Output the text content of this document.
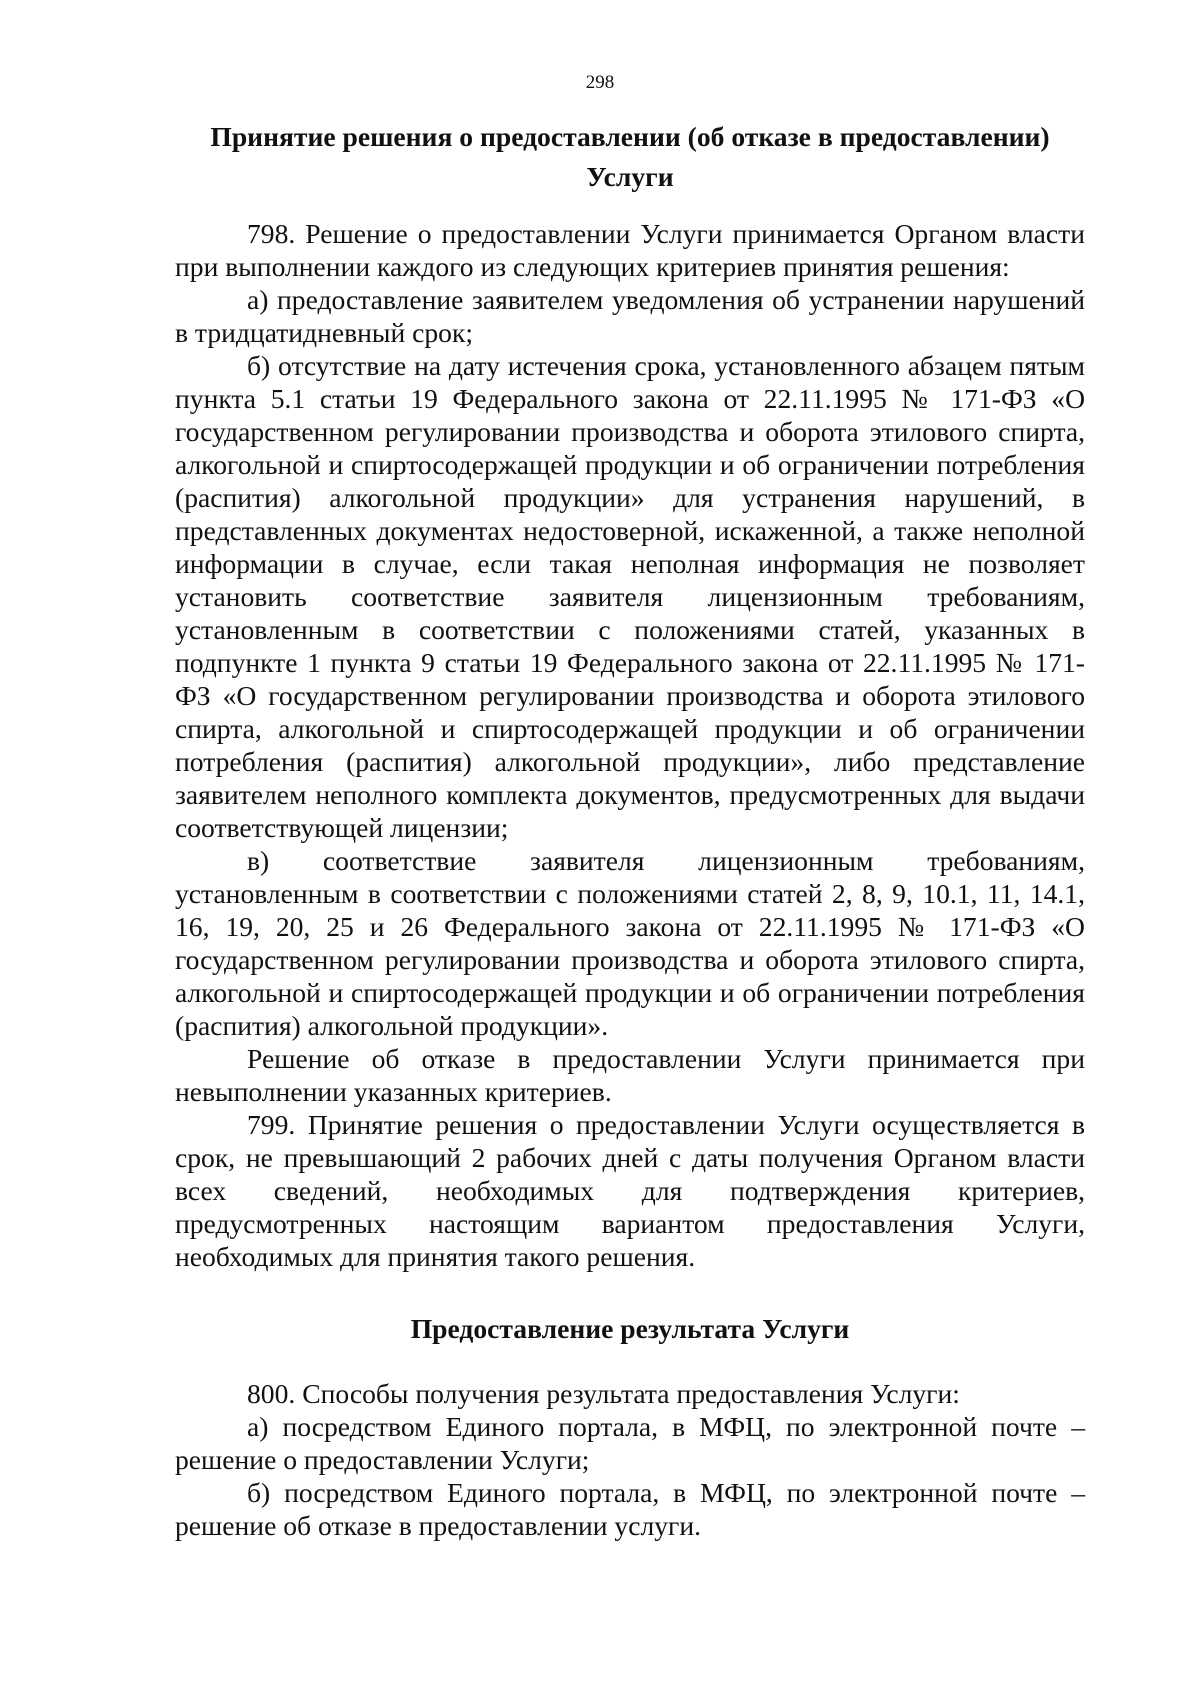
298
Принятие решения о предоставлении (об отказе в предоставлении) Услуги

798. Решение о предоставлении Услуги принимается Органом власти при выполнении каждого из следующих критериев принятия решения:

а) предоставление заявителем уведомления об устранении нарушений в тридцатидневный срок;

б) отсутствие на дату истечения срока, установленного абзацем пятым пункта 5.1 статьи 19 Федерального закона от 22.11.1995 № 171-ФЗ «О государственном регулировании производства и оборота этилового спирта, алкогольной и спиртосодержащей продукции и об ограничении потребления (распития) алкогольной продукции» для устранения нарушений, в представленных документах недостоверной, искаженной, а также неполной информации в случае, если такая неполная информация не позволяет установить соответствие заявителя лицензионным требованиям, установленным в соответствии с положениями статей, указанных в подпункте 1 пункта 9 статьи 19 Федерального закона от 22.11.1995 № 171-ФЗ «О государственном регулировании производства и оборота этилового спирта, алкогольной и спиртосодержащей продукции и об ограничении потребления (распития) алкогольной продукции», либо представление заявителем неполного комплекта документов, предусмотренных для выдачи соответствующей лицензии;

в) соответствие заявителя лицензионным требованиям, установленным в соответствии с положениями статей 2, 8, 9, 10.1, 11, 14.1, 16, 19, 20, 25 и 26 Федерального закона от 22.11.1995 № 171-ФЗ «О государственном регулировании производства и оборота этилового спирта, алкогольной и спиртосодержащей продукции и об ограничении потребления (распития) алкогольной продукции».

Решение об отказе в предоставлении Услуги принимается при невыполнении указанных критериев.

799. Принятие решения о предоставлении Услуги осуществляется в срок, не превышающий 2 рабочих дней с даты получения Органом власти всех сведений, необходимых для подтверждения критериев, предусмотренных настоящим вариантом предоставления Услуги, необходимых для принятия такого решения.

Предоставление результата Услуги

800. Способы получения результата предоставления Услуги:

а) посредством Единого портала, в МФЦ, по электронной почте – решение о предоставлении Услуги;

б) посредством Единого портала, в МФЦ, по электронной почте – решение об отказе в предоставлении услуги.
